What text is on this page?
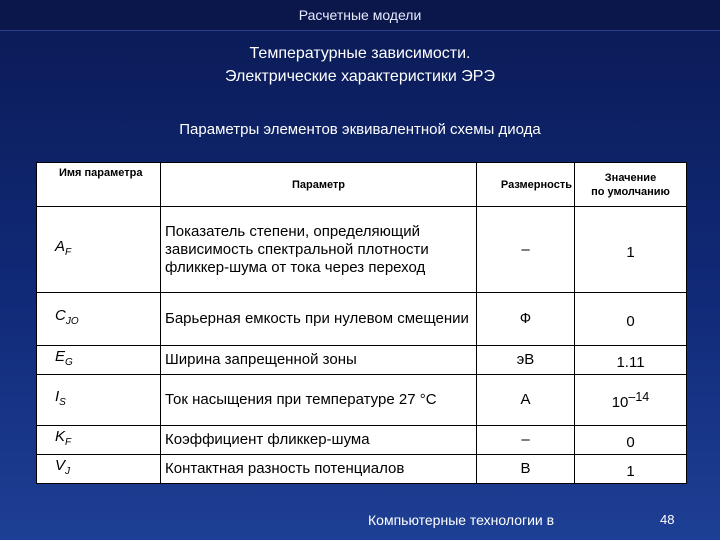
Расчетные модели
Температурные зависимости.
Электрические характеристики ЭРЭ
Параметры элементов эквивалентной схемы диода
Имя параметра	Параметр	Размерность	Значение
по умолчанию

$A_F$	Показатель степени, определяющий зависимость спектральной плотности фликкер-шума от тока через переход	–	1
$C_{JO}$	Барьерная емкость при нулевом смещении	Ф	0
$E_G$	Ширина запрещенной зоны	эВ	1.11
$I_S$	Ток насыщения при температуре 27 °С	А	$10^{-14}$
$K_F$	Коэффициент фликкер-шума	–	0
$V_J$	Контактная разность потенциалов	В	1
Компьютерные технологии в	48
